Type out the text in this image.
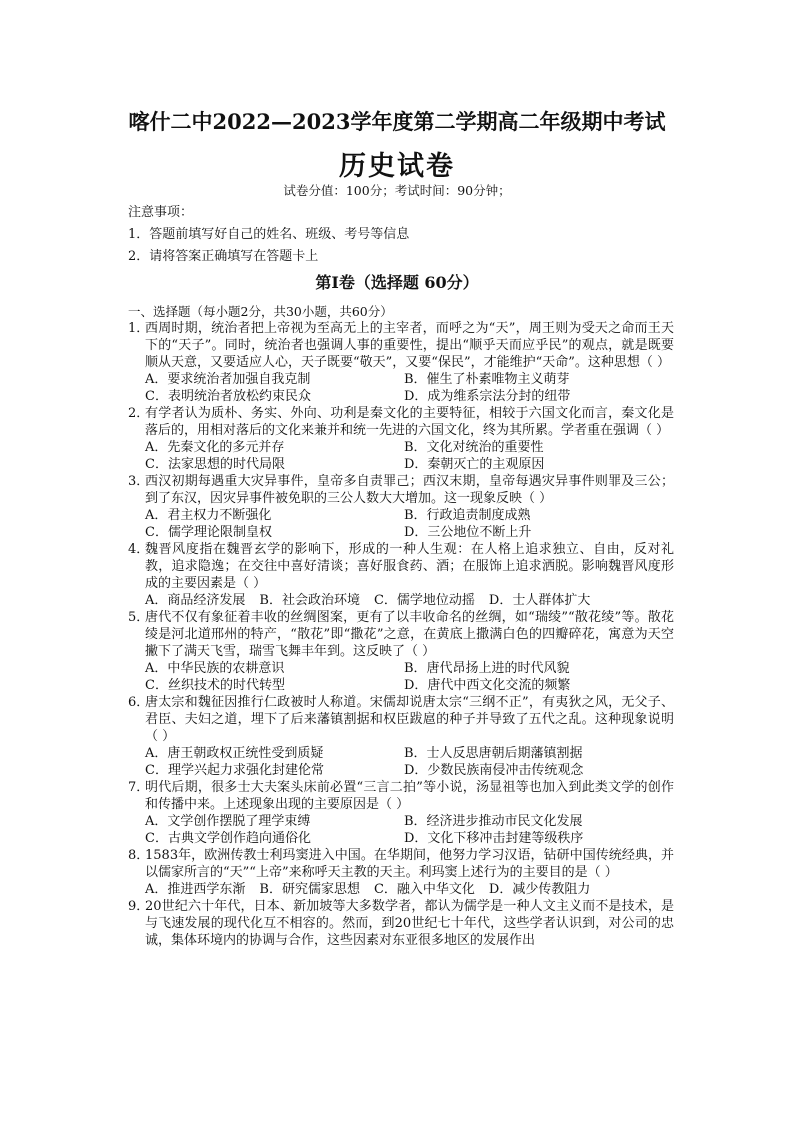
喀什二中2022—2023学年度第二学期高二年级期中考试
历史试卷
试卷分值：100分；考试时间：90分钟；
注意事项：
1．答题前填写好自己的姓名、班级、考号等信息
2．请将答案正确填写在答题卡上
第I卷（选择题 60分）
一、选择题（每小题2分，共30小题，共60分）
1．
西周时期，统治者把上帝视为至高无上的主宰者，而呼之为“天”，周王则为受天之命而王天下的“天子”。同时，统治者也强调人事的重要性，提出“顺乎天而应乎民”的观点，就是既要顺从天意，又要适应人心，天子既要“敬天”，又要“保民”，才能维护“天命”。这种思想（ ）
A．要求统治者加强自我克制	B．催生了朴素唯物主义萌芽
C．表明统治者放松约束民众	D．成为维系宗法分封的纽带
2．
有学者认为质朴、务实、外向、功利是秦文化的主要特征，相较于六国文化而言，秦文化是落后的，用相对落后的文化来兼并和统一先进的六国文化，终为其所累。学者重在强调（ ）
A．先秦文化的多元并存	B．文化对统治的重要性
C．法家思想的时代局限	D．秦朝灭亡的主观原因
3．
西汉初期每遇重大灾异事件，皇帝多自责罪己；西汉末期，皇帝每遇灾异事件则罪及三公；到了东汉，因灾异事件被免职的三公人数大大增加。这一现象反映（ ）
A．君主权力不断强化	B．行政追责制度成熟
C．儒学理论限制皇权	D．三公地位不断上升
4．
魏晋风度指在魏晋玄学的影响下，形成的一种人生观：在人格上追求独立、自由，反对礼教，追求隐逸；在交往中喜好清谈；喜好服食药、酒；在服饰上追求洒脱。影响魏晋风度形成的主要因素是（ ）
A．商品经济发展 B．社会政治环境 C．儒学地位动摇 D．士人群体扩大
5．
唐代不仅有象征着丰收的丝绸图案，更有了以丰收命名的丝绸，如“瑞绫”“散花绫”等。散花绫是河北道邢州的特产，“散花”即“撒花”之意，在黄底上撒满白色的四瓣碎花，寓意为天空撇下了满天飞雪，瑞雪飞舞丰年到。这反映了（ ）
A．中华民族的农耕意识	B．唐代昂扬上进的时代风貌
C．丝织技术的时代转型	D．唐代中西文化交流的频繁
6．
唐太宗和魏征因推行仁政被时人称道。宋儒却说唐太宗“三纲不正”，有夷狄之风，无父子、君臣、夫妇之道，埋下了后来藩镇割据和权臣跋扈的种子并导致了五代之乱。这种现象说明（ ）
A．唐王朝政权正统性受到质疑	B．士人反思唐朝后期藩镇割据
C．理学兴起力求强化封建伦常	D．少数民族南侵冲击传统观念
7．
明代后期，很多士大夫案头床前必置“三言二拍”等小说，汤显祖等也加入到此类文学的创作和传播中来。上述现象出现的主要原因是（ ）
A．文学创作摆脱了理学束缚	B．经济进步推动市民文化发展
C．古典文学创作趋向通俗化	D．文化下移冲击封建等级秩序
8．
1583年，欧洲传教士利玛窦进入中国。在华期间，他努力学习汉语，钻研中国传统经典，并以儒家所言的“天”“上帝”来称呼天主教的天主。利玛窦上述行为的主要目的是（ ）
A．推进西学东渐 B．研究儒家思想 C．融入中华文化 D．减少传教阻力
9．
20世纪六十年代，日本、新加坡等大多数学者，都认为儒学是一种人文主义而不是技术，是与飞速发展的现代化互不相容的。然而，到20世纪七十年代，这些学者认识到，对公司的忠诚，集体环境内的协调与合作，这些因素对东亚很多地区的发展作出
